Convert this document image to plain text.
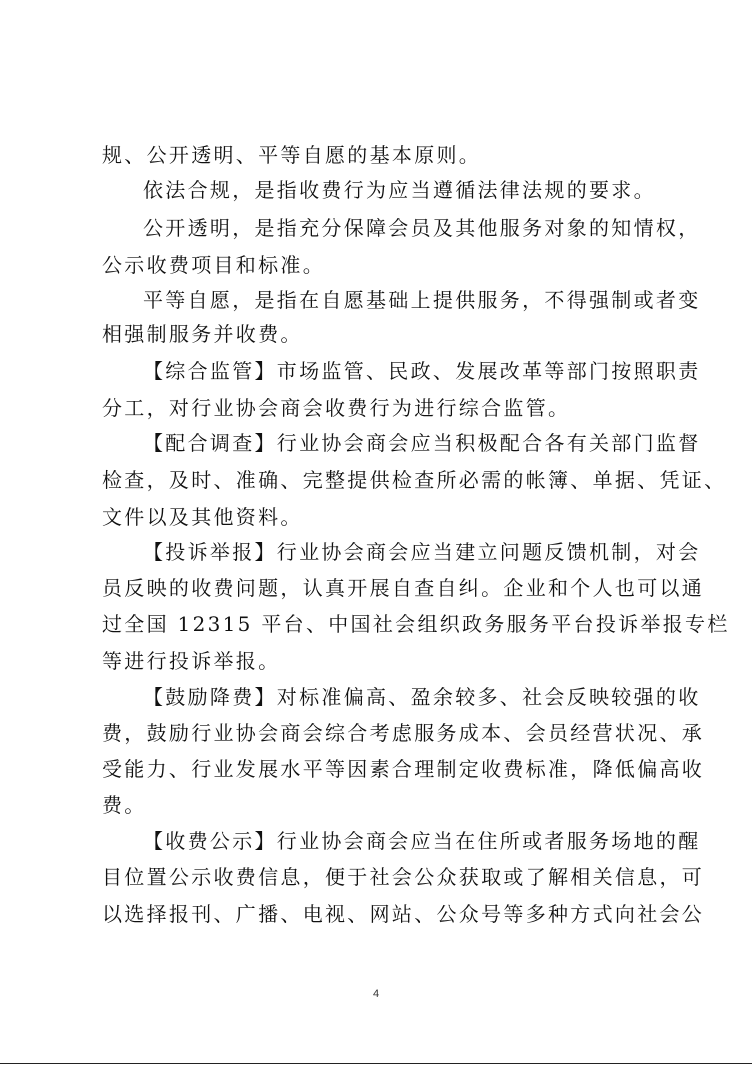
规、公开透明、平等自愿的基本原则。
依法合规，是指收费行为应当遵循法律法规的要求。
公开透明，是指充分保障会员及其他服务对象的知情权，
公示收费项目和标准。
平等自愿，是指在自愿基础上提供服务，不得强制或者变
相强制服务并收费。
【综合监管】市场监管、民政、发展改革等部门按照职责
分工，对行业协会商会收费行为进行综合监管。
【配合调查】行业协会商会应当积极配合各有关部门监督
检查，及时、准确、完整提供检查所必需的帐簿、单据、凭证、
文件以及其他资料。
【投诉举报】行业协会商会应当建立问题反馈机制，对会
员反映的收费问题，认真开展自查自纠。企业和个人也可以通
过全国 12315 平台、中国社会组织政务服务平台投诉举报专栏
等进行投诉举报。
【鼓励降费】对标准偏高、盈余较多、社会反映较强的收
费，鼓励行业协会商会综合考虑服务成本、会员经营状况、承
受能力、行业发展水平等因素合理制定收费标准，降低偏高收
费。
【收费公示】行业协会商会应当在住所或者服务场地的醒
目位置公示收费信息，便于社会公众获取或了解相关信息，可
以选择报刊、广播、电视、网站、公众号等多种方式向社会公
4
